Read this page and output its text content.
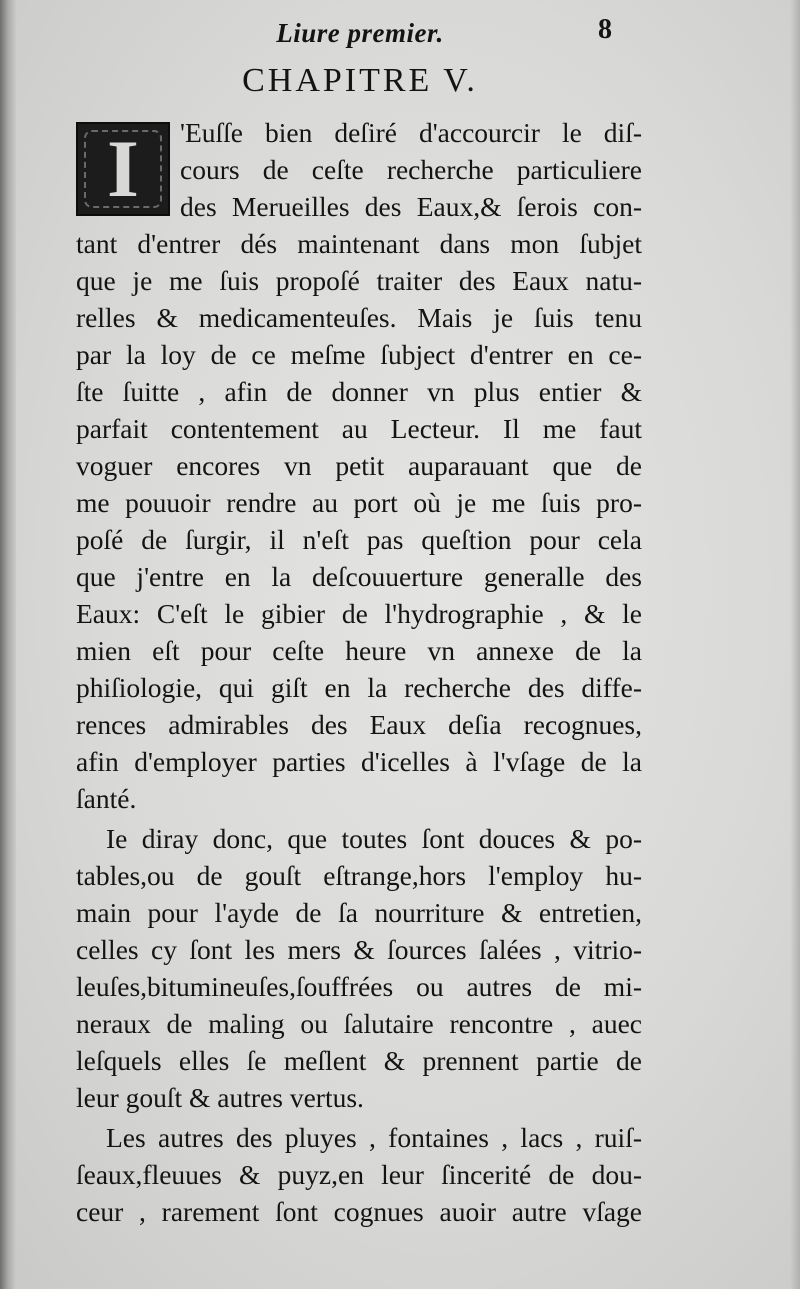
Liure premier.	8
CHAPITRE V.
I	'Euſſe bien deſiré d'accourcir le diſ-
cours de ceſte recherche particuliere
des Merueilles des Eaux,& ſerois con-
tant d'entrer dés maintenant dans mon ſubjet
que je me ſuis propoſé traiter des Eaux natu-
relles & medicamenteuſes. Mais je ſuis tenu
par la loy de ce meſme ſubject d'entrer en ce-
ſte ſuitte , afin de donner vn plus entier &
parfait contentement au Lecteur. Il me faut
voguer encores vn petit auparauant que de
me pouuoir rendre au port où je me ſuis pro-
poſé de ſurgir, il n'eſt pas queſtion pour cela
que j'entre en la deſcouuerture generalle des
Eaux: C'eſt le gibier de l'hydrographie , & le
mien eſt pour ceſte heure vn annexe de la
phiſiologie, qui giſt en la recherche des diffe-
rences admirables des Eaux deſia recognues,
afin d'employer parties d'icelles à l'vſage de la
ſanté.
Ie diray donc, que toutes ſont douces & po-
tables,ou de gouſt eſtrange,hors l'employ hu-
main pour l'ayde de ſa nourriture & entretien,
celles cy ſont les mers & ſources ſalées , vitrio-
leuſes,bitumineuſes,ſouffrées ou autres de mi-
neraux de maling ou ſalutaire rencontre , auec
leſquels elles ſe meſlent & prennent partie de
leur gouſt & autres vertus.
Les autres des pluyes , fontaines , lacs , ruiſ-
ſeaux,fleuues & puyz,en leur ſincerité de dou-
ceur , rarement ſont cognues auoir autre vſage
